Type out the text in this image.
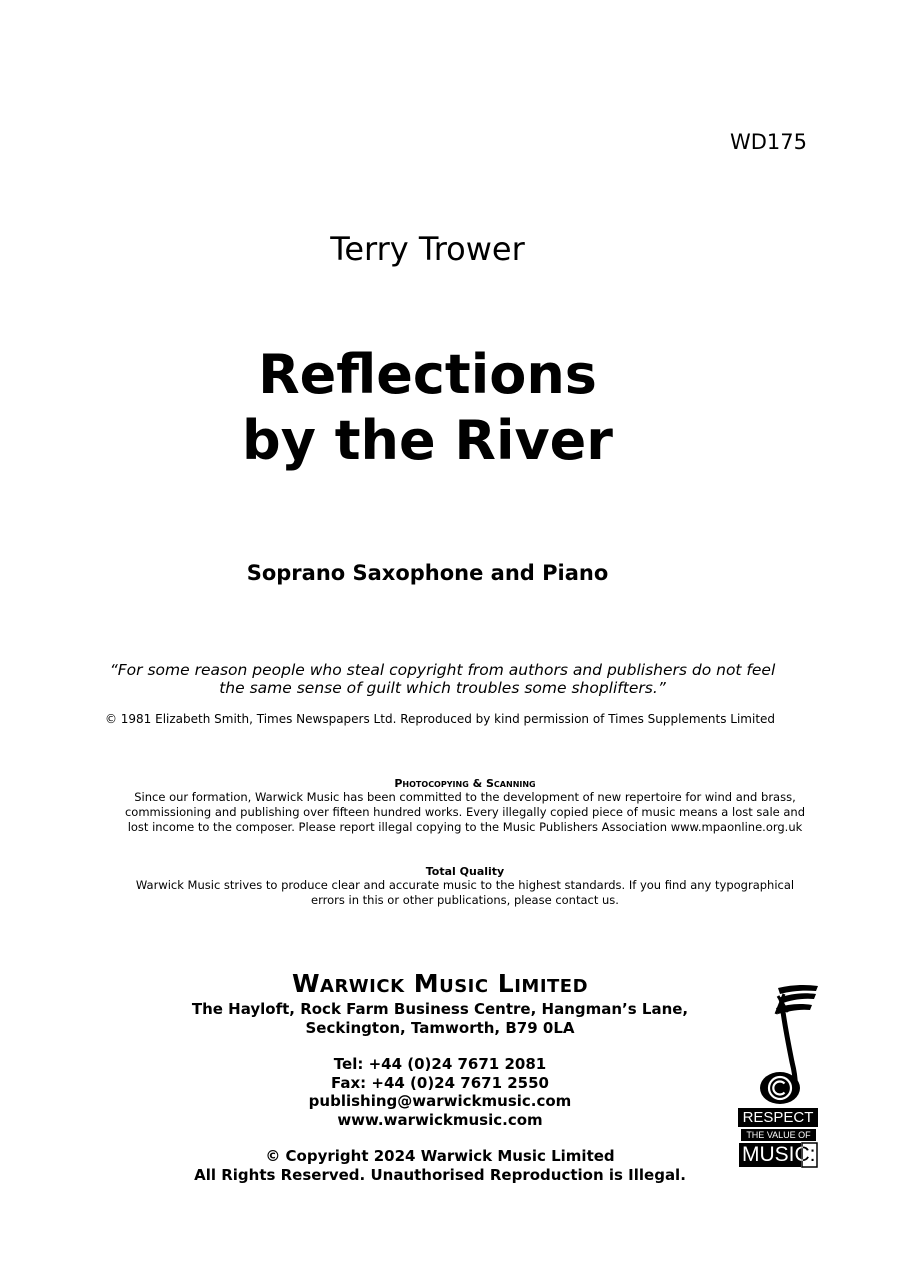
WD175
Terry Trower
Reflections
by the River
Soprano Saxophone and Piano
“For some reason people who steal copyright from authors and publishers do not feel
the same sense of guilt which troubles some shoplifters.”
© 1981 Elizabeth Smith, Times Newspapers Ltd. Reproduced by kind permission of Times Supplements Limited
Photocopying & Scanning
Since our formation, Warwick Music has been committed to the development of new repertoire for wind and brass,
commissioning and publishing over fifteen hundred works. Every illegally copied piece of music means a lost sale and
lost income to the composer. Please report illegal copying to the Music Publishers Association www.mpaonline.org.uk
Total Quality
Warwick Music strives to produce clear and accurate music to the highest standards. If you find any typographical
errors in this or other publications, please contact us.
Warwick Music Limited
The Hayloft, Rock Farm Business Centre, Hangman’s Lane,
Seckington, Tamworth, B79 0LA
Tel: +44 (0)24 7671 2081
Fax: +44 (0)24 7671 2550
publishing@warwickmusic.com
www.warwickmusic.com
© Copyright 2024 Warwick Music Limited
All Rights Reserved. Unauthorised Reproduction is Illegal.
RESPECT
THE VALUE OF
MUSIC:
